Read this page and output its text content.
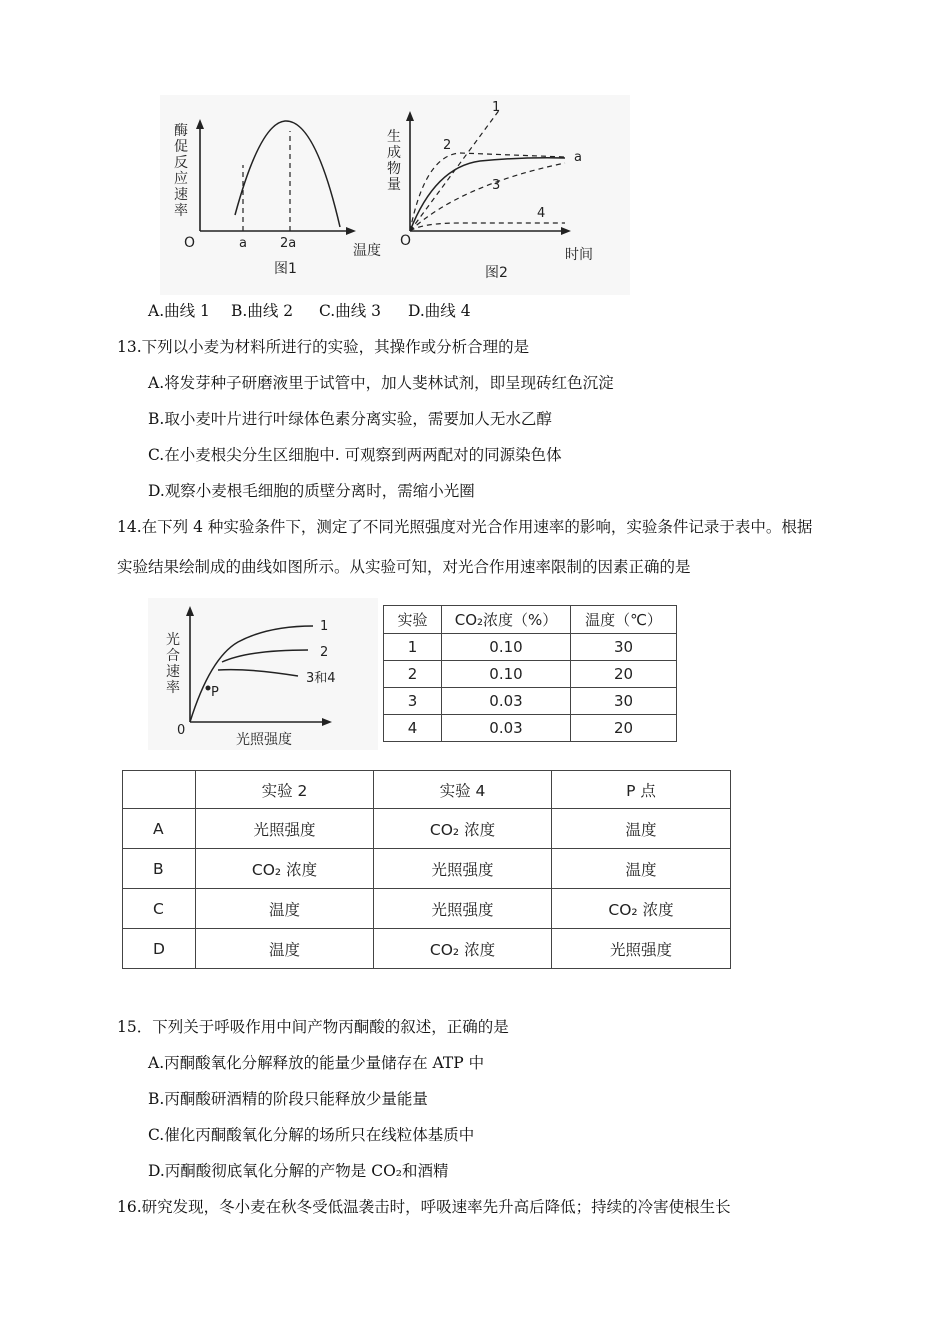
酶
促
反
应
速
率
O	a	2a	温度
图1
生
成
物
量
O
1
2
3
4
a
时间
图2
A.曲线 1 B.曲线 2 C.曲线 3 D.曲线 4
13.下列以小麦为材料所进行的实验，其操作或分析合理的是
A.将发芽种子研磨液里于试管中，加人斐林试剂，即呈现砖红色沉淀
B.取小麦叶片进行叶绿体色素分离实验，需要加人无水乙醇
C.在小麦根尖分生区细胞中. 可观察到两两配对的同源染色体
D.观察小麦根毛细胞的质壁分离时，需缩小光圈
14.在下列 4 种实验条件下，测定了不同光照强度对光合作用速率的影响，实验条件记录于表中。根据
实验结果绘制成的曲线如图所示。从实验可知，对光合作用速率限制的因素正确的是
光
合
速
率
0
P
1
2
3和4
光照强度
实验	CO₂浓度（%）	温度（℃）
1	0.10	30
2	0.10	20
3	0.03	30
4	0.03	20
	实验 2	实验 4	P 点
A	光照强度	CO₂ 浓度	温度
B	CO₂ 浓度	光照强度	温度
C	温度	光照强度	CO₂ 浓度
D	温度	CO₂ 浓度	光照强度
15．下列关于呼吸作用中间产物丙酮酸的叙述，正确的是
A.丙酮酸氧化分解释放的能量少量储存在 ATP 中
B.丙酮酸研酒精的阶段只能释放少量能量
C.催化丙酮酸氧化分解的场所只在线粒体基质中
D.丙酮酸彻底氧化分解的产物是 CO₂和酒精
16.研究发现，冬小麦在秋冬受低温袭击时，呼吸速率先升高后降低；持续的冷害使根生长
